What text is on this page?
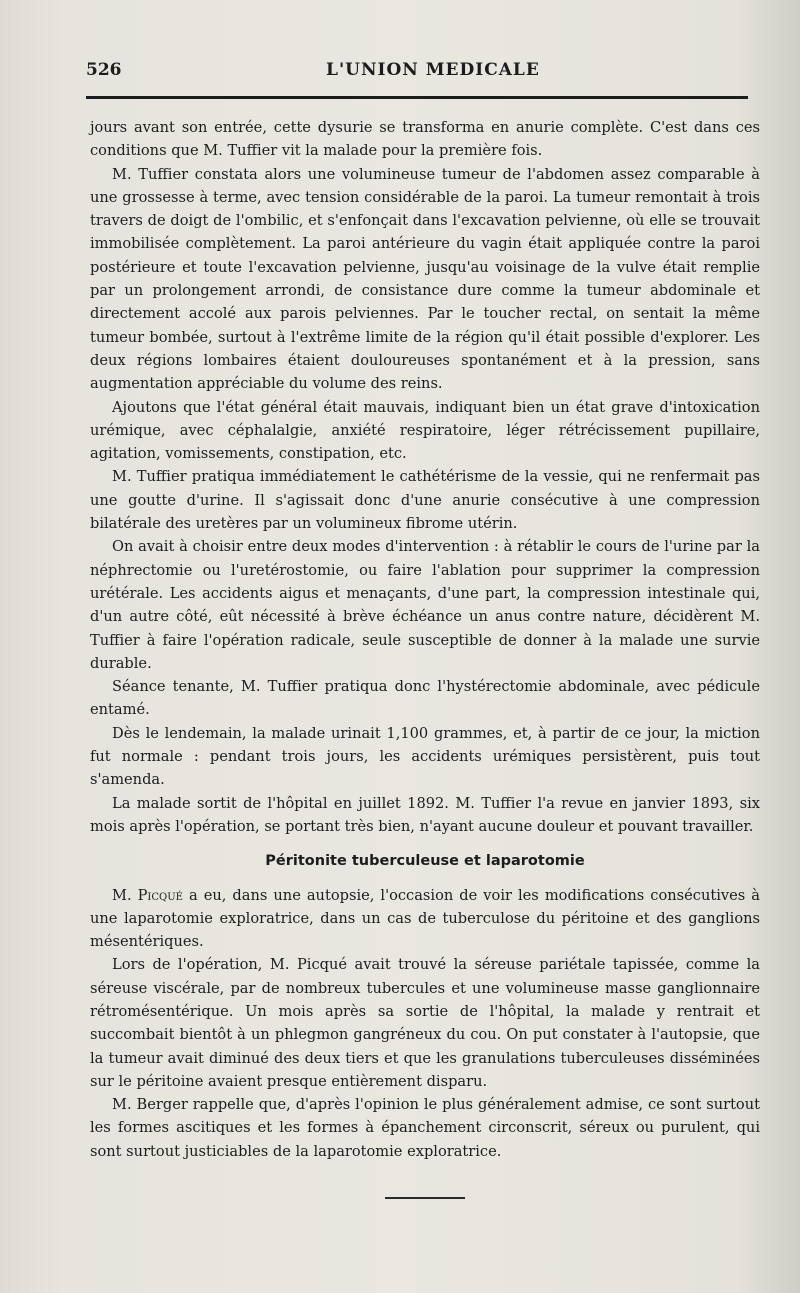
526	L'UNION MEDICALE

jours avant son entrée, cette dysurie se transforma en anurie complète. C'est dans ces conditions que M. Tuffier vit la malade pour la première fois.

M. Tuffier constata alors une volumineuse tumeur de l'abdomen assez comparable à une grossesse à terme, avec tension considérable de la paroi. La tumeur remontait à trois travers de doigt de l'ombilic, et s'enfonçait dans l'excavation pelvienne, où elle se trouvait immobilisée complètement. La paroi antérieure du vagin était appliquée contre la paroi postérieure et toute l'excavation pelvienne, jusqu'au voisinage de la vulve était remplie par un prolongement arrondi, de consistance dure comme la tumeur abdominale et directement accolé aux parois pelviennes. Par le toucher rectal, on sentait la même tumeur bombée, surtout à l'extrême limite de la région qu'il était possible d'explorer. Les deux régions lombaires étaient douloureuses spontanément et à la pression, sans augmentation appréciable du volume des reins.

Ajoutons que l'état général était mauvais, indiquant bien un état grave d'intoxication urémique, avec céphalalgie, anxiété respiratoire, léger rétrécissement pupillaire, agitation, vomissements, constipation, etc.

M. Tuffier pratiqua immédiatement le cathétérisme de la vessie, qui ne renfermait pas une goutte d'urine. Il s'agissait donc d'une anurie consécutive à une compression bilatérale des uretères par un volumineux fibrome utérin.

On avait à choisir entre deux modes d'intervention : à rétablir le cours de l'urine par la néphrectomie ou l'uretérostomie, ou faire l'ablation pour supprimer la compression urétérale. Les accidents aigus et menaçants, d'une part, la compression intestinale qui, d'un autre côté, eût nécessité à brève échéance un anus contre nature, décidèrent M. Tuffier à faire l'opération radicale, seule susceptible de donner à la malade une survie durable.

Séance tenante, M. Tuffier pratiqua donc l'hystérectomie abdominale, avec pédicule entamé.

Dès le lendemain, la malade urinait 1,100 grammes, et, à partir de ce jour, la miction fut normale : pendant trois jours, les accidents urémiques persistèrent, puis tout s'amenda.

La malade sortit de l'hôpital en juillet 1892. M. Tuffier l'a revue en janvier 1893, six mois après l'opération, se portant très bien, n'ayant aucune douleur et pouvant travailler.

Péritonite tuberculeuse et laparotomie

M. Picqué a eu, dans une autopsie, l'occasion de voir les modifications consécutives à une laparotomie exploratrice, dans un cas de tuberculose du péritoine et des ganglions mésentériques.

Lors de l'opération, M. Picqué avait trouvé la séreuse pariétale tapissée, comme la séreuse viscérale, par de nombreux tubercules et une volumineuse masse ganglionnaire rétromésentérique. Un mois après sa sortie de l'hôpital, la malade y rentrait et succombait bientôt à un phlegmon gangréneux du cou. On put constater à l'autopsie, que la tumeur avait diminué des deux tiers et que les granulations tuberculeuses disséminées sur le péritoine avaient presque entièrement disparu.

M. Berger rappelle que, d'après l'opinion le plus généralement admise, ce sont surtout les formes ascitiques et les formes à épanchement circonscrit, séreux ou purulent, qui sont surtout justiciables de la laparotomie exploratrice.
